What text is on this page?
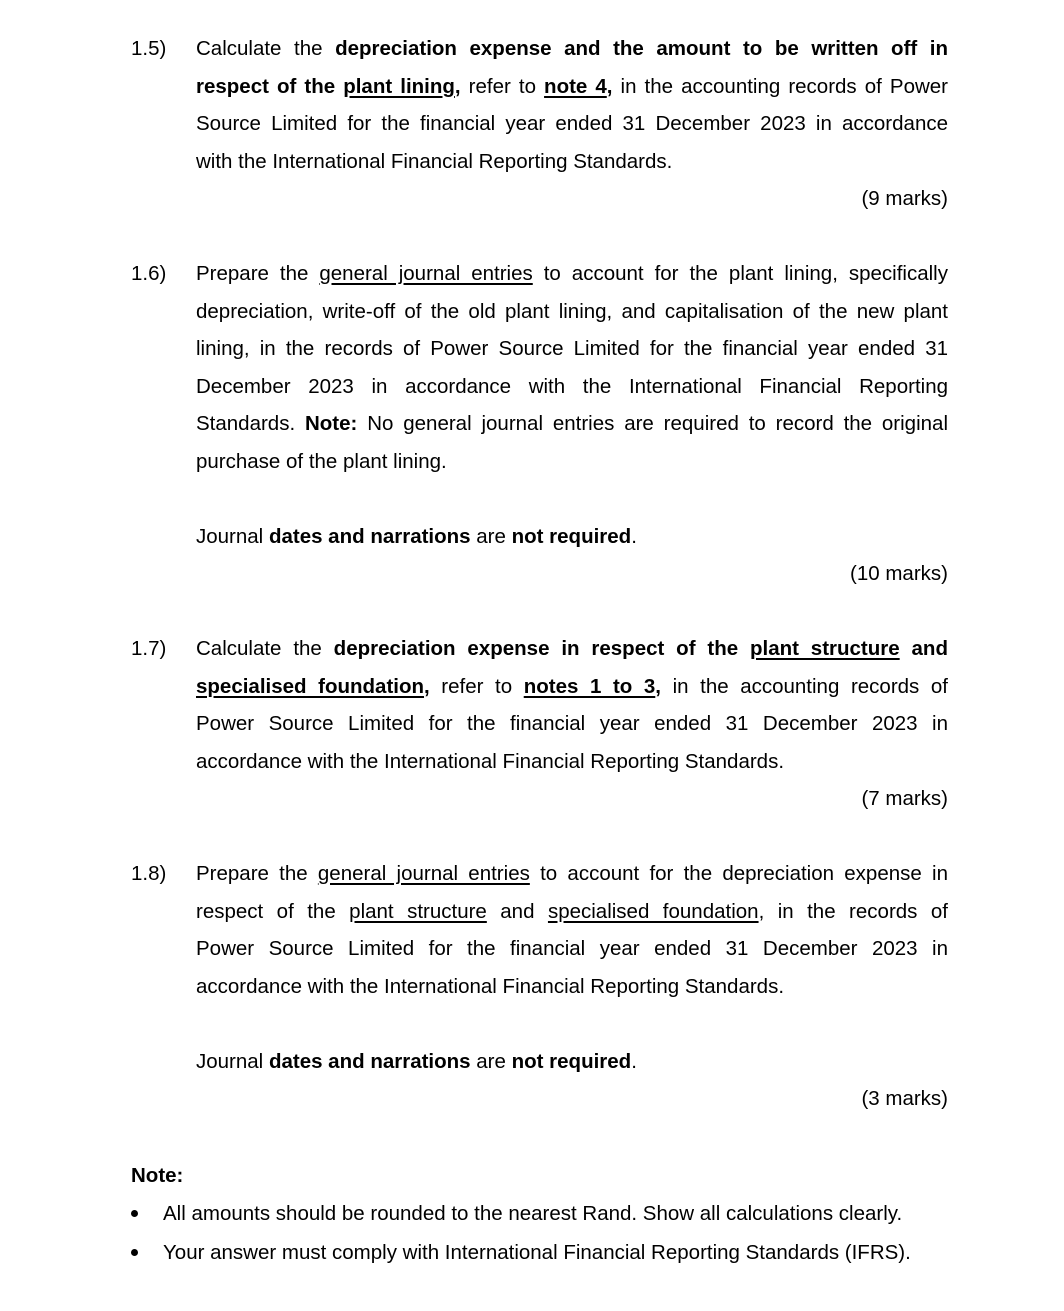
1.5) Calculate the depreciation expense and the amount to be written off in
respect of the plant lining, refer to note 4, in the accounting records of Power
Source Limited for the financial year ended 31 December 2023 in accordance
with the International Financial Reporting Standards.
(9 marks)
1.6) Prepare the general journal entries to account for the plant lining, specifically
depreciation, write-off of the old plant lining, and capitalisation of the new plant
lining, in the records of Power Source Limited for the financial year ended 31
December 2023 in accordance with the International Financial Reporting
Standards. Note: No general journal entries are required to record the original
purchase of the plant lining.
Journal dates and narrations are not required.
(10 marks)
1.7) Calculate the depreciation expense in respect of the plant structure and
specialised foundation, refer to notes 1 to 3, in the accounting records of
Power Source Limited for the financial year ended 31 December 2023 in
accordance with the International Financial Reporting Standards.
(7 marks)
1.8) Prepare the general journal entries to account for the depreciation expense in
respect of the plant structure and specialised foundation, in the records of
Power Source Limited for the financial year ended 31 December 2023 in
accordance with the International Financial Reporting Standards.
Journal dates and narrations are not required.
(3 marks)
Note:
All amounts should be rounded to the nearest Rand. Show all calculations clearly.
Your answer must comply with International Financial Reporting Standards (IFRS).
